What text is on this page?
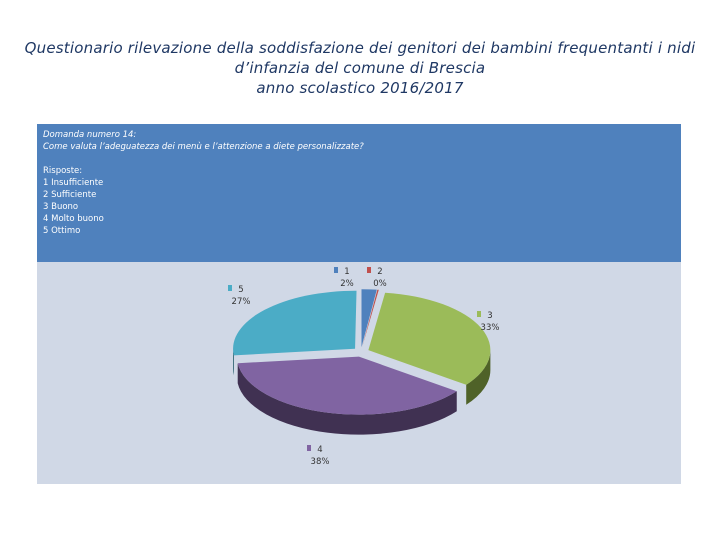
Questionario rilevazione della soddisfazione dei genitori dei bambini frequentanti i nidi
d’infanzia del comune di Brescia
anno scolastico 2016/2017
Domanda numero 14:
Come valuta l’adeguatezza dei menù e l’attenzione a diete personalizzate?
Risposte:
1 Insufficiente
2 Sufficiente
3 Buono
4 Molto buono
5 Ottimo
1
2%
2
0%
3
33%
4
38%
5
27%
